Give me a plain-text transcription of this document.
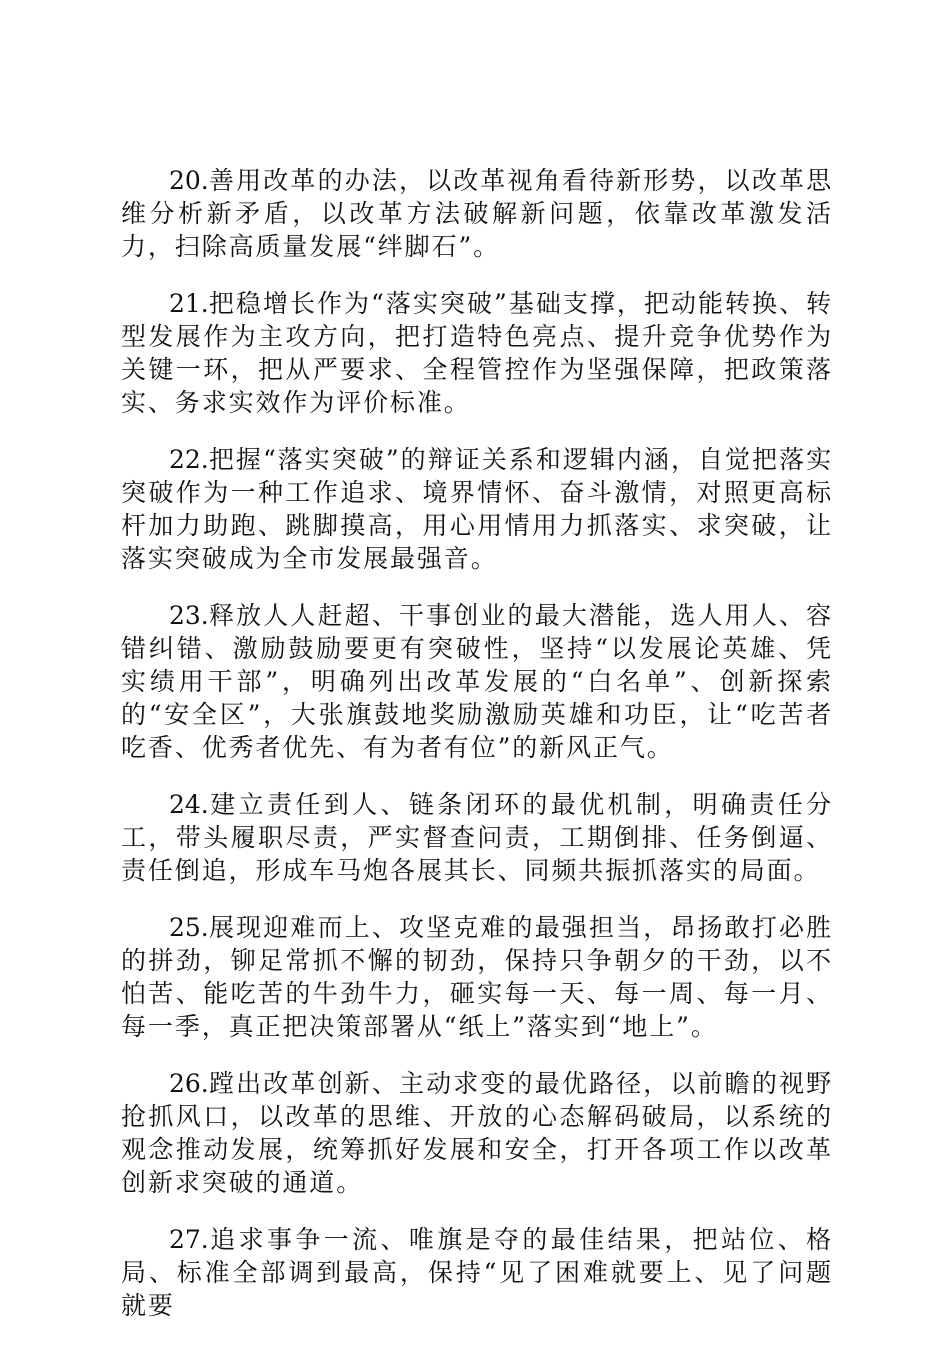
20.善用改革的办法，以改革视角看待新形势，以改革思维分析新矛盾，以改革方法破解新问题，依靠改革激发活力，扫除高质量发展“绊脚石”。

21.把稳增长作为“落实突破”基础支撑，把动能转换、转型发展作为主攻方向，把打造特色亮点、提升竞争优势作为关键一环，把从严要求、全程管控作为坚强保障，把政策落实、务求实效作为评价标准。

22.把握“落实突破”的辩证关系和逻辑内涵，自觉把落实突破作为一种工作追求、境界情怀、奋斗激情，对照更高标杆加力助跑、跳脚摸高，用心用情用力抓落实、求突破，让落实突破成为全市发展最强音。

23.释放人人赶超、干事创业的最大潜能，选人用人、容错纠错、激励鼓励要更有突破性，坚持“以发展论英雄、凭实绩用干部”，明确列出改革发展的“白名单”、创新探索的“安全区”，大张旗鼓地奖励激励英雄和功臣，让“吃苦者吃香、优秀者优先、有为者有位”的新风正气。

24.建立责任到人、链条闭环的最优机制，明确责任分工，带头履职尽责，严实督查问责，工期倒排、任务倒逼、责任倒追，形成车马炮各展其长、同频共振抓落实的局面。

25.展现迎难而上、攻坚克难的最强担当，昂扬敢打必胜的拼劲，铆足常抓不懈的韧劲，保持只争朝夕的干劲，以不怕苦、能吃苦的牛劲牛力，砸实每一天、每一周、每一月、每一季，真正把决策部署从“纸上”落实到“地上”。

26.蹚出改革创新、主动求变的最优路径，以前瞻的视野抢抓风口，以改革的思维、开放的心态解码破局，以系统的观念推动发展，统筹抓好发展和安全，打开各项工作以改革创新求突破的通道。

27.追求事争一流、唯旗是夺的最佳结果，把站位、格局、标准全部调到最高，保持“见了困难就要上、见了问题就要
